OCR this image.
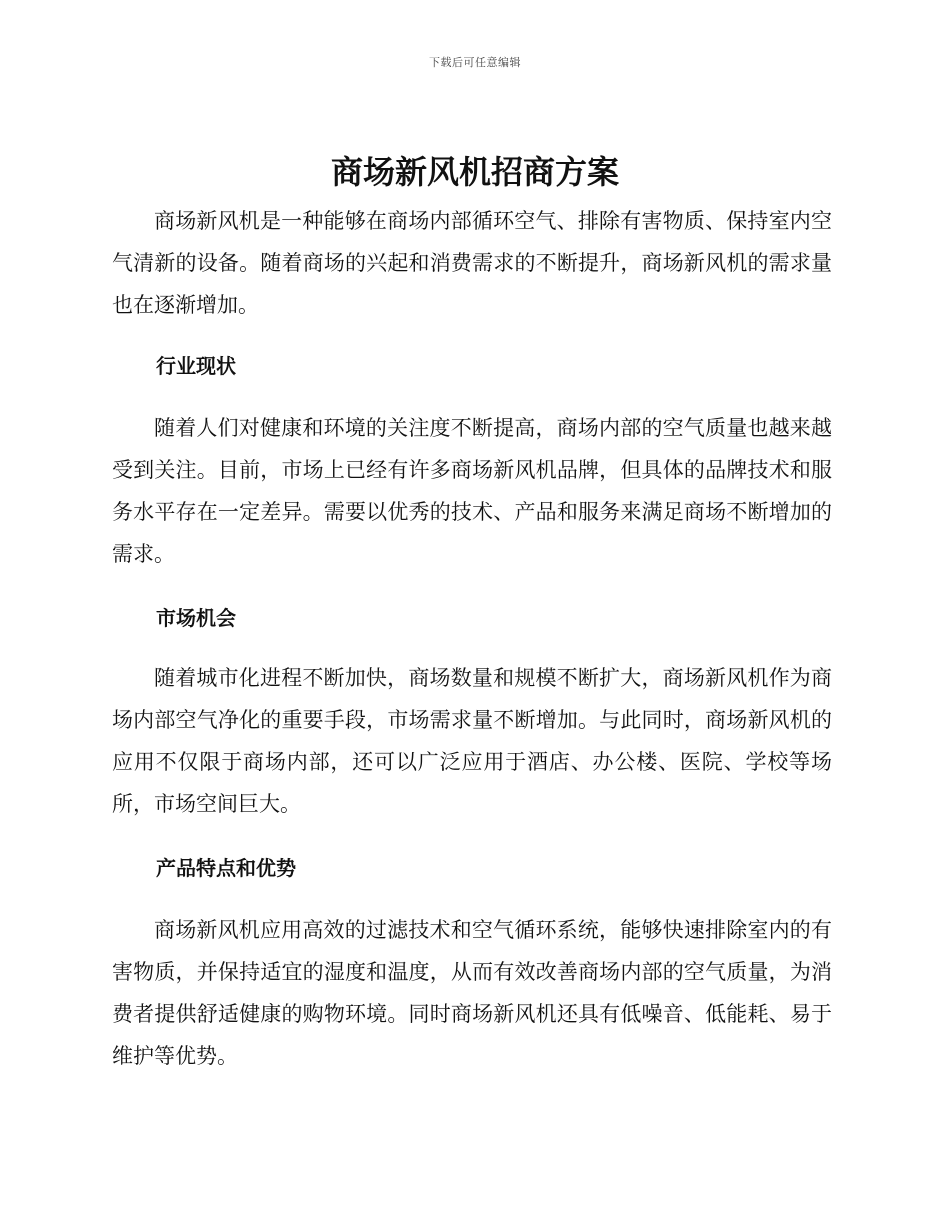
下载后可任意编辑
商场新风机招商方案

商场新风机是一种能够在商场内部循环空气、排除有害物质、保持室内空气清新的设备。随着商场的兴起和消费需求的不断提升，商场新风机的需求量也在逐渐增加。

行业现状

随着人们对健康和环境的关注度不断提高，商场内部的空气质量也越来越受到关注。目前，市场上已经有许多商场新风机品牌，但具体的品牌技术和服务水平存在一定差异。需要以优秀的技术、产品和服务来满足商场不断增加的需求。

市场机会

随着城市化进程不断加快，商场数量和规模不断扩大，商场新风机作为商场内部空气净化的重要手段，市场需求量不断增加。与此同时，商场新风机的应用不仅限于商场内部，还可以广泛应用于酒店、办公楼、医院、学校等场所，市场空间巨大。

产品特点和优势

商场新风机应用高效的过滤技术和空气循环系统，能够快速排除室内的有害物质，并保持适宜的湿度和温度，从而有效改善商场内部的空气质量，为消费者提供舒适健康的购物环境。同时商场新风机还具有低噪音、低能耗、易于维护等优势。
